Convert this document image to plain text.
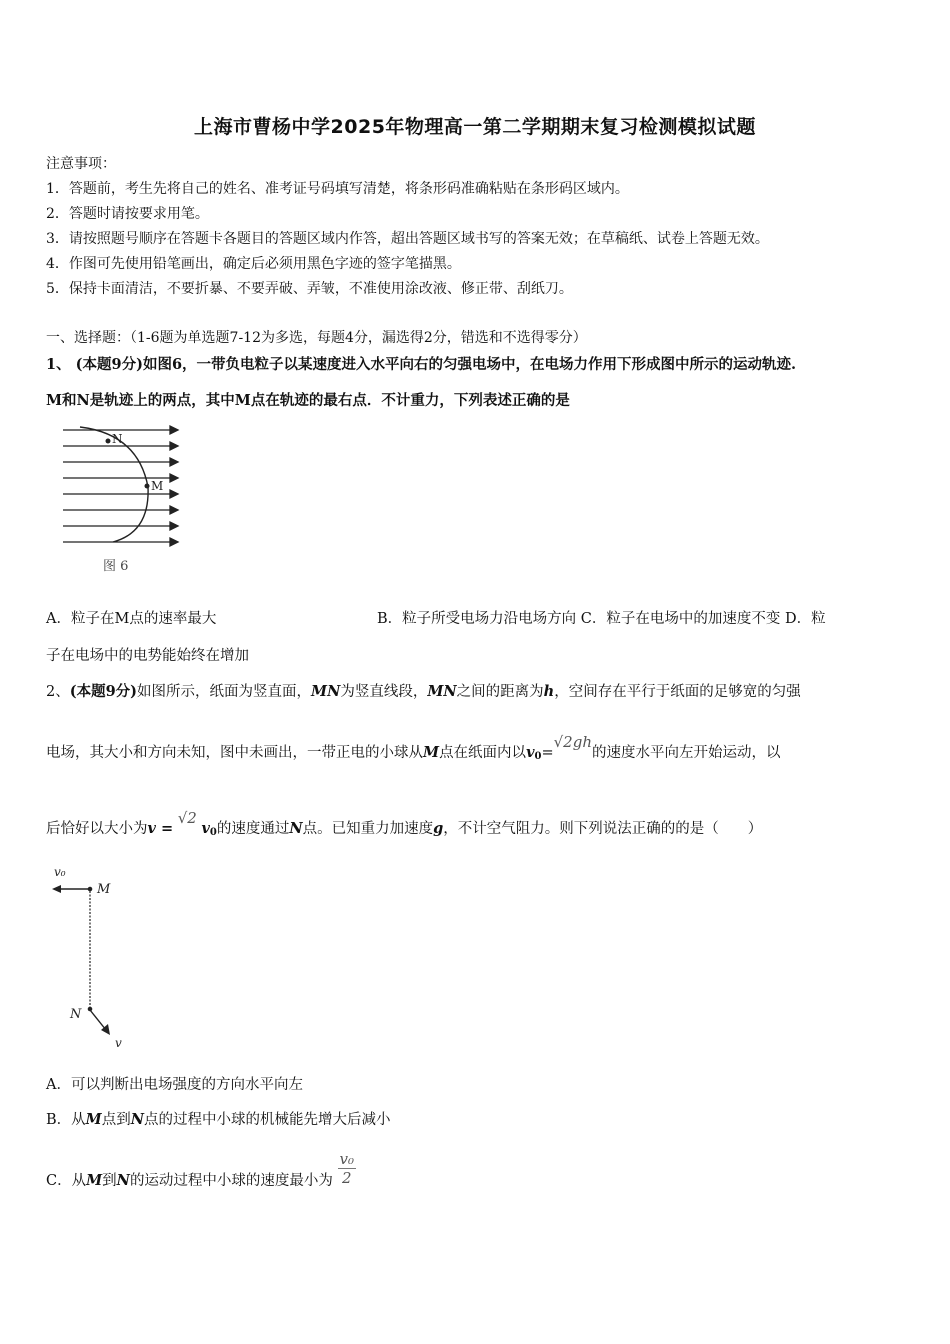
上海市曹杨中学2025年物理高一第二学期期末复习检测模拟试题
注意事项：
1．答题前，考生先将自己的姓名、准考证号码填写清楚，将条形码准确粘贴在条形码区域内。
2．答题时请按要求用笔。
3．请按照题号顺序在答题卡各题目的答题区域内作答，超出答题区域书写的答案无效；在草稿纸、试卷上答题无效。
4．作图可先使用铅笔画出，确定后必须用黑色字迹的签字笔描黑。
5．保持卡面清洁，不要折暴、不要弄破、弄皱，不准使用涂改液、修正带、刮纸刀。
一、选择题：（1-6题为单选题7-12为多选，每题4分，漏选得2分，错选和不选得零分）
1、 (本题9分)如图6，一带负电粒子以某速度进入水平向右的匀强电场中，在电场力作用下形成图中所示的运动轨迹.
M和N是轨迹上的两点，其中M点在轨迹的最右点．不计重力，下列表述正确的是
N
M
图 6
A．粒子在M点的速率最大	B．粒子所受电场力沿电场方向 C．粒子在电场中的加速度不变 D．粒
子在电场中的电势能始终在增加
2、(本题9分)如图所示，纸面为竖直面，MN为竖直线段，MN之间的距离为h，空间存在平行于纸面的足够宽的匀强
电场，其大小和方向未知，图中未画出，一带正电的小球从M点在纸面内以$v_0=√2gh$的速度水平向左开始运动，以
后恰好以大小为v = √2 $v_0$的速度通过N点。已知重力加速度g，不计空气阻力。则下列说法正确的的是（　　）
v₀
M
N
v
A．可以判断出电场强度的方向水平向左
B．从M点到N点的过程中小球的机械能先增大后减小
C．从M到N的运动过程中小球的速度最小为 $\frac{\text{v₀}}{2}$
